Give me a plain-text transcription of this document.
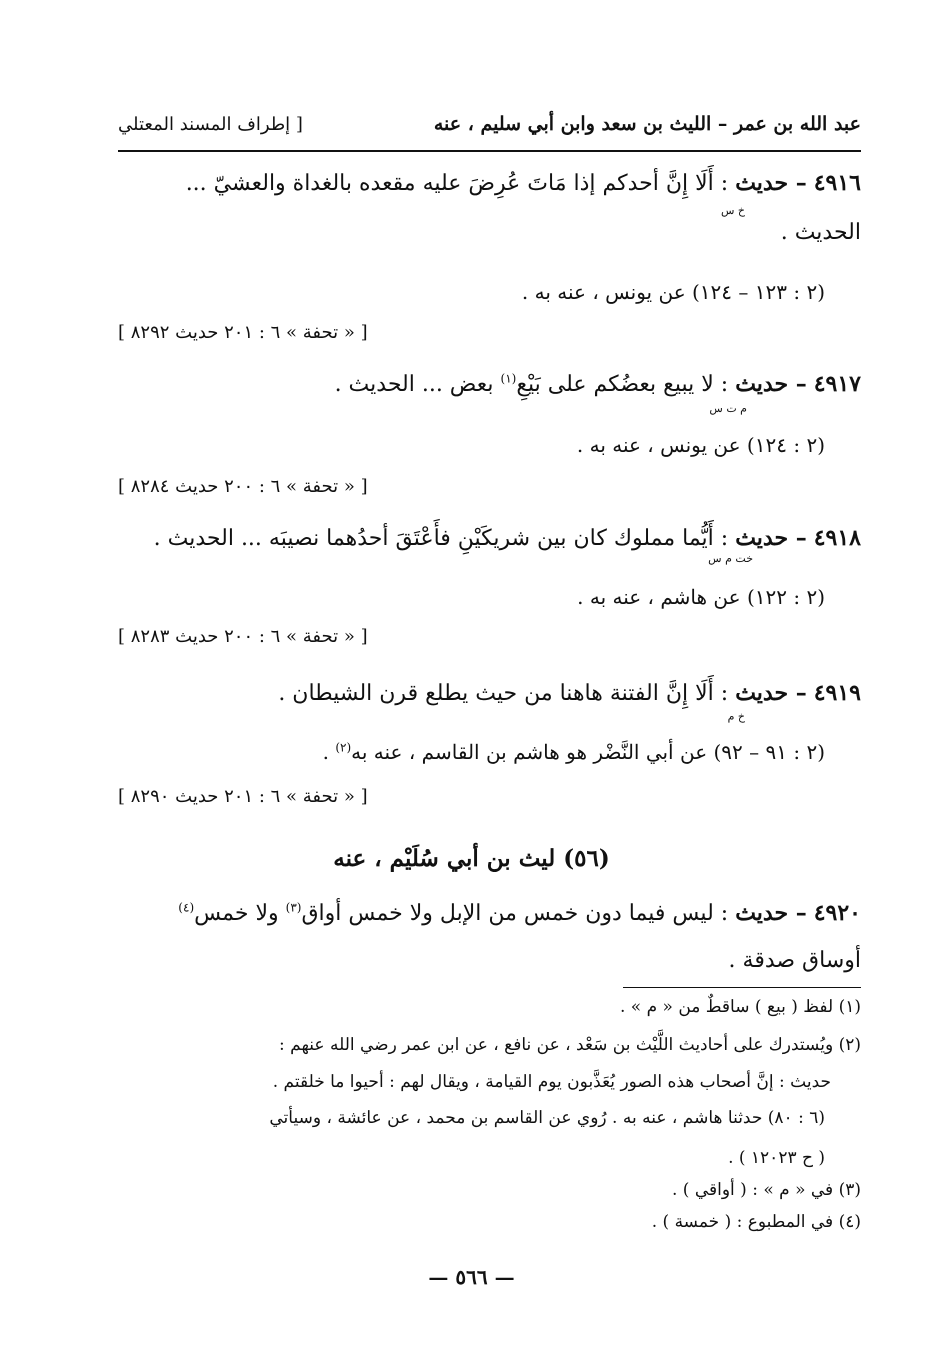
عبد الله بن عمر – الليث بن سعد وابن أبي سليم ، عنه
[ إطراف المسند المعتلي
٤٩١٦ – حديث : أَلَا إِنَّ أحدكم إذا مَاتَ عُرِضَ عليه مقعده بالغداة والعشيّ ...
خ س
الحديث .
(٢ : ١٢٣ – ١٢٤) عن يونس ، عنه به .
[ « تحفة » ٦ : ٢٠١ حديث ٨٢٩٢ ]
٤٩١٧ – حديث : لا يبيع بعضُكم على بَيْعِ$^{(١)}$ بعض ... الحديث .
م ت س
(٢ : ١٢٤) عن يونس ، عنه به .
[ « تحفة » ٦ : ٢٠٠ حديث ٨٢٨٤ ]
٤٩١٨ – حديث : أَيُّما مملوك كان بين شريكَيْنِ فأَعْتَقَ أحدُهما نصيبَه ... الحديث .
خت م س
(٢ : ١٢٢) عن هاشم ، عنه به .
[ « تحفة » ٦ : ٢٠٠ حديث ٨٢٨٣ ]
٤٩١٩ – حديث : أَلَا إِنَّ الفتنة هاهنا من حيث يطلع قرن الشيطان .
خ م
(٢ : ٩١ – ٩٢) عن أبي النَّضْر هو هاشم بن القاسم ، عنه به$^{(٢)}$ .
[ « تحفة » ٦ : ٢٠١ حديث ٨٢٩٠ ]
(٥٦) ليث بن أبي سُلَيْم ، عنه
٤٩٢٠ – حديث : ليس فيما دون خمس من الإبل ولا خمس أواق$^{(٣)}$ ولا خمس$^{(٤)}$
أوساق صدقة .
(١) لفظ ( بيع ) ساقطٌ من « م » .
(٢) ويُستدرك على أحاديث اللَّيْث بن سَعْد ، عن نافع ، عن ابن عمر رضي الله عنهم :
حديث : إنَّ أصحاب هذه الصور يُعَذَّبون يوم القيامة ، ويقال لهم : أحيوا ما خلقتم .
(٦ : ٨٠) حدثنا هاشم ، عنه به . رُوي عن القاسم بن محمد ، عن عائشة ، وسيأتي
( ح ١٢٠٢٣ ) .
(٣) في « م » : ( أواقي ) .
(٤) في المطبوع : ( خمسة ) .
— ٥٦٦ —
